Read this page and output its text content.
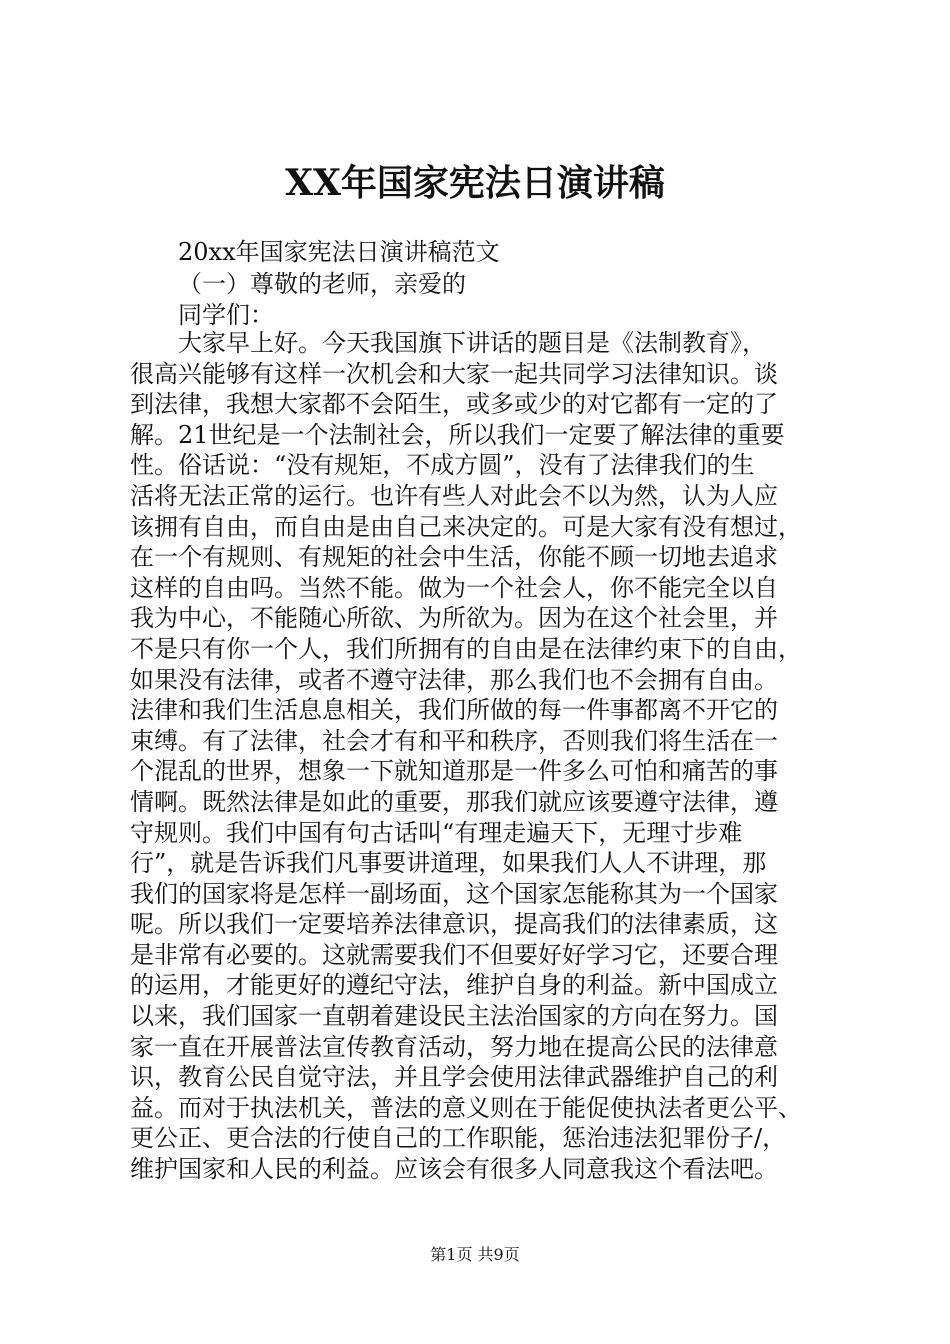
XX年国家宪法日演讲稿
20xx年国家宪法日演讲稿范文
（一）尊敬的老师，亲爱的
同学们：
大家早上好。今天我国旗下讲话的题目是《法制教育》，
很高兴能够有这样一次机会和大家一起共同学习法律知识。谈
到法律，我想大家都不会陌生，或多或少的对它都有一定的了
解。21世纪是一个法制社会，所以我们一定要了解法律的重要
性。俗话说：“没有规矩，不成方圆”，没有了法律我们的生
活将无法正常的运行。也许有些人对此会不以为然，认为人应
该拥有自由，而自由是由自己来决定的。可是大家有没有想过，
在一个有规则、有规矩的社会中生活，你能不顾一切地去追求
这样的自由吗。当然不能。做为一个社会人，你不能完全以自
我为中心，不能随心所欲、为所欲为。因为在这个社会里，并
不是只有你一个人，我们所拥有的自由是在法律约束下的自由，
如果没有法律，或者不遵守法律，那么我们也不会拥有自由。
法律和我们生活息息相关，我们所做的每一件事都离不开它的
束缚。有了法律，社会才有和平和秩序，否则我们将生活在一
个混乱的世界，想象一下就知道那是一件多么可怕和痛苦的事
情啊。既然法律是如此的重要，那我们就应该要遵守法律，遵
守规则。我们中国有句古话叫“有理走遍天下，无理寸步难
行”，就是告诉我们凡事要讲道理，如果我们人人不讲理，那
我们的国家将是怎样一副场面，这个国家怎能称其为一个国家
呢。所以我们一定要培养法律意识，提高我们的法律素质，这
是非常有必要的。这就需要我们不但要好好学习它，还要合理
的运用，才能更好的遵纪守法，维护自身的利益。新中国成立
以来，我们国家一直朝着建设民主法治国家的方向在努力。国
家一直在开展普法宣传教育活动，努力地在提高公民的法律意
识，教育公民自觉守法，并且学会使用法律武器维护自己的利
益。而对于执法机关，普法的意义则在于能促使执法者更公平、
更公正、更合法的行使自己的工作职能，惩治违法犯罪份子/，
维护国家和人民的利益。应该会有很多人同意我这个看法吧。
第1页 共9页
